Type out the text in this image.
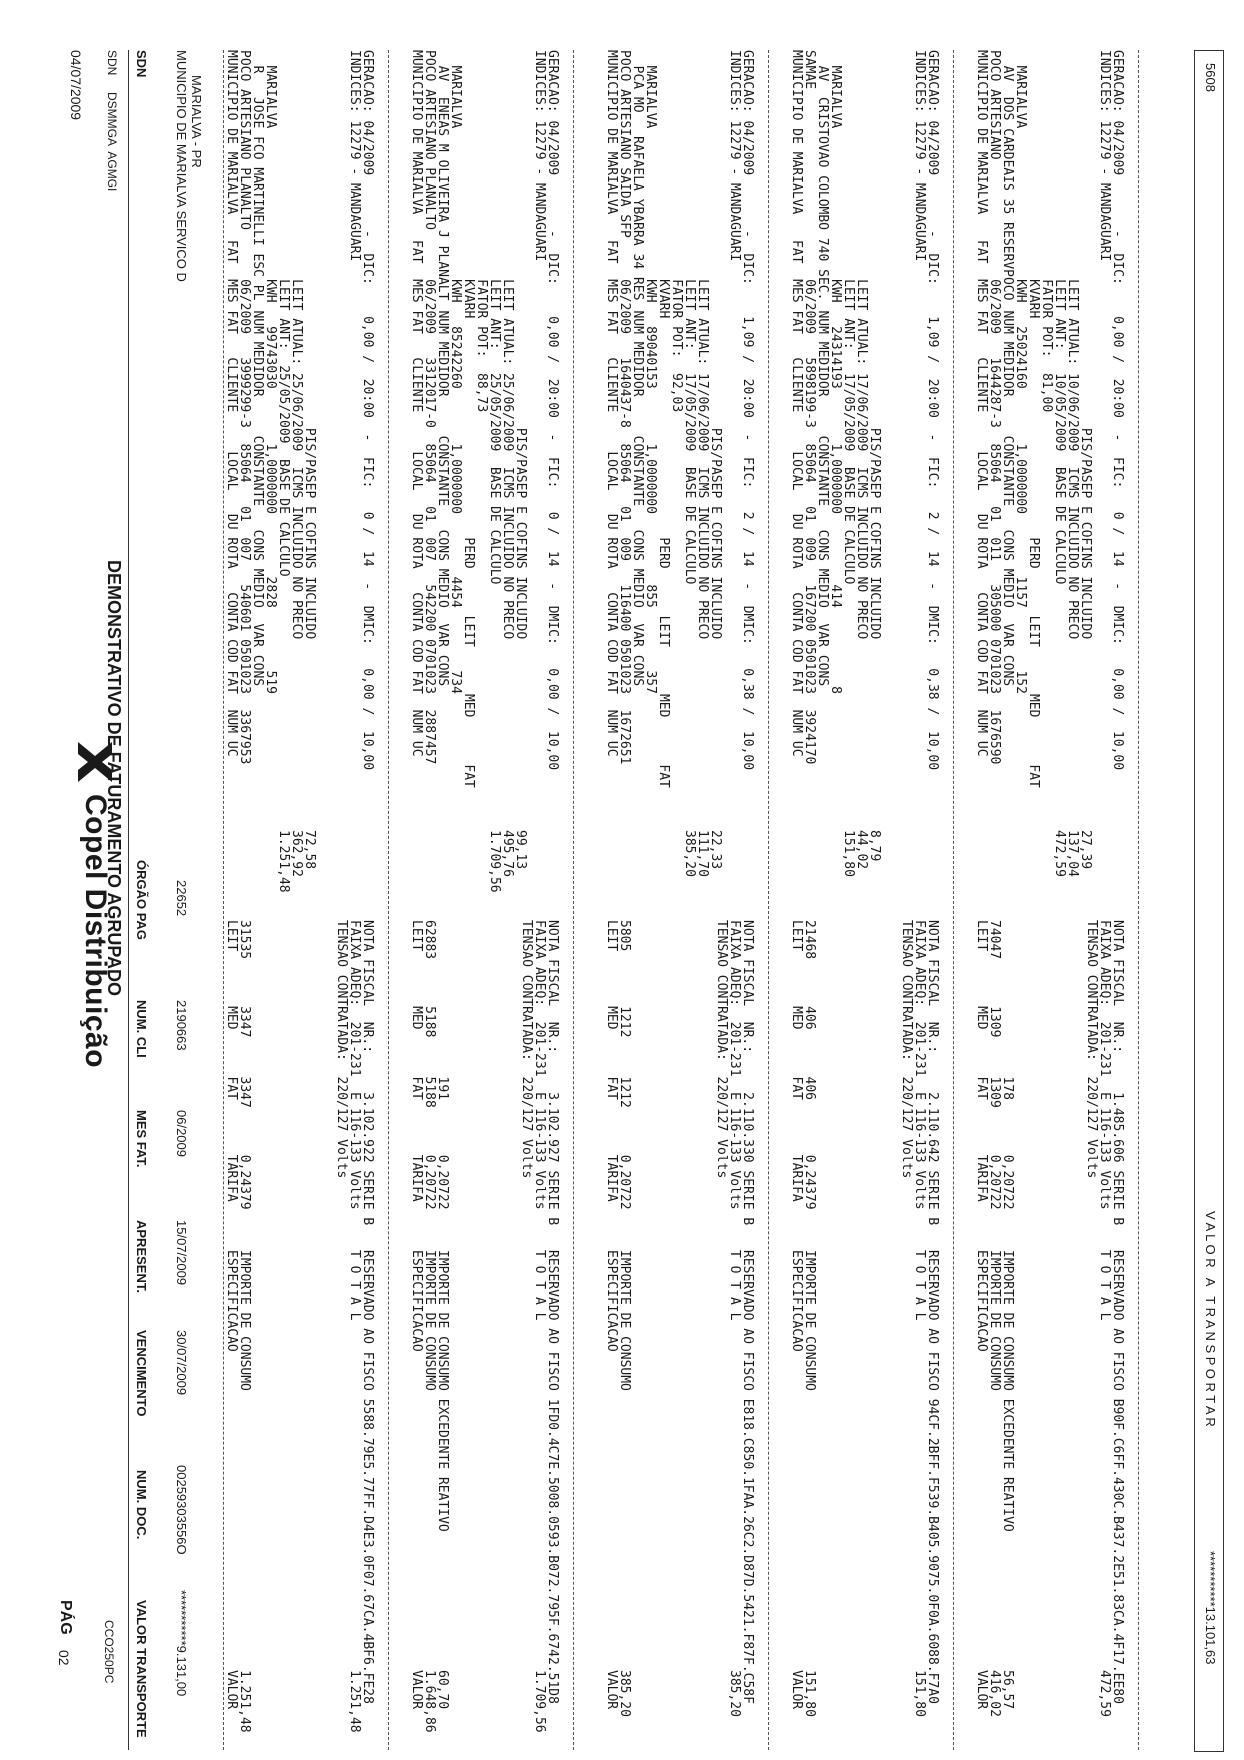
04/07/2009
Copel Distribuição
PÁG
02
SDN     DSMMGA  AGMGI
DEMONSTRATIVO DE FATURAMENTO AGRUPADO
CCO250PC
SDN
ÓRGÃO PAG
NUM. CLI
MES FAT.
APRESENT.
VENCIMENTO
NUM. DOC.
VALOR TRANSPORTE
MUNICIPIO DE MARIALVA SERVICO D MARIALVA - PR
22652
2190663
06/2009
15/07/2009
30/07/2009
00259303556O
***********9.131,00
MUNICIPIO DE MARIALVA
POCO ARTESIANO PLANALTO
R   JOSE FCO MARTINELLI ESC PL
MARIALVA
FAT  MES FAT   CLIENTE     LOCAL   DU ROTA   CONTA COD FAT  NUM UC
06/2009   3999299-3  85064   01  007   540601 0501023  3367953
NUM MEDIDOR     CONSTANTE   CONS MEDIO  VAR CONS
KWH   99743030       1,0000000        2828        519
LEIT ANT:  25/05/2009  BASE DE CALCULO
LEIT ATUAL: 25/06/2009  ICMS INCLUIDO NO PRECO
PIS/PASEP E COFINS INCLUIDO
1.251,48
362,92
72,58
LEIT       MED      FAT       TARIFA
31535      3347     3347      0,24379
ESPECIFICACAO
IMPORTE DE CONSUMO
VALOR
1.251,48
TENSAO CONTRATADA:  220/127 Volts
FAIXA ADEQ:  201-231  E 116-133 Volts
NOTA FISCAL  NR.:     3.102.922 SERIE B
INDICES: 12279 - MANDAGUARI
GERACAO: 04/2009       -  DIC:    0,00 /  20:00  -  FIC:   0 /  14  -  DMIC:   0,00 /  10,00
T O T A L
RESERVADO AO FISCO 5588.79E5.77FF.D4E3.0F07.67CA.4BF6.FE28
1.251,48
MUNICIPIO DE MARIALVA
POCO ARTESIANO PLANALTO
AV  ENEAS M OLIVEIRA J PLANALT
MARIALVA
FAT  MES FAT   CLIENTE     LOCAL   DU ROTA   CONTA COD FAT  NUM UC
06/2009   3312017-0  85064   01  007   542200 0701023  2887457
NUM MEDIDOR     CONSTANTE   CONS MEDIO  VAR CONS
KWH   85242260       1,0000000        4454        734
KVARH                            PERD      LEIT      MED      FAT
FATOR POT:  88,73
LEIT ANT:   25/05/2009  BASE DE CALCULO
LEIT ATUAL: 25/06/2009  ICMS INCLUIDO NO PRECO
PIS/PASEP E COFINS INCLUIDO
1.709,56
495,76
99,13
LEIT       MED      FAT       TARIFA
62883      5188     5188      0,20722
191       0,20722
ESPECIFICACAO
IMPORTE DE CONSUMO
IMPORTE DE CONSUMO EXCEDENTE REATIVO
VALOR
1.648,86
60,70
TENSAO CONTRATADA:  220/127 Volts
FAIXA ADEQ:  201-231  E 116-133 Volts
NOTA FISCAL  NR.:     3.102.927 SERIE B
INDICES: 12279 - MANDAGUARI
GERACAO: 04/2009       -  DIC:    0,00 /  20:00  -  FIC:   0 /  14  -  DMIC:   0,00 /  10,00
T O T A L
RESERVADO AO FISCO 1FD0.4C7E.5008.0593.B072.795F.6742.51D8
1.709,56
MUNICIPIO DE MARIALVA
POCO ARTESIANO SAIDA SFP
PCA MO   RAFAELA YBARRA 34 RES
MARIALVA
FAT  MES FAT   CLIENTE     LOCAL   DU ROTA   CONTA COD FAT  NUM UC
06/2009   1640437-8  85064   01  009   116400 0501023  1672651
NUM MEDIDOR     CONSTANTE   CONS MEDIO  VAR CONS
KWH   89040153       1,0000000         855        357
KVARH                            PERD      LEIT      MED      FAT
FATOR POT:  92,03
LEIT ANT:   17/05/2009  BASE DE CALCULO
LEIT ATUAL: 17/06/2009  ICMS INCLUIDO NO PRECO
PIS/PASEP E COFINS INCLUIDO
385,20
111,70
22,33
LEIT       MED      FAT       TARIFA
5805       1212     1212      0,20722
ESPECIFICACAO
IMPORTE DE CONSUMO
VALOR
385,20
TENSAO CONTRATADA:  220/127 Volts
FAIXA ADEQ:  201-231  E 116-133 Volts
NOTA FISCAL  NR.:     2.110.330 SERIE B
INDICES: 12279 - MANDAGUARI
GERACAO: 04/2009       -  DIC:    1,09 /  20:00  -  FIC:   2 /  14  -  DMIC:   0,38 /  10,00
T O T A L
RESERVADO AO FISCO E818.C850.1FAA.26C2.D87D.5421.F87F.C58F
385,20
MUNICIPIO DE MARIALVA
SAMAE
AV  CRISTOVAO COLOMBO 740 SEC.
MARIALVA
FAT  MES FAT   CLIENTE     LOCAL   DU ROTA   CONTA COD FAT  NUM UC
06/2009   5898199-3  85064   01  009   167200 0501023  3924170
NUM MEDIDOR     CONSTANTE   CONS MEDIO  VAR CONS
KWH   24314193       1,0000000         414          8
LEIT ANT:   17/05/2009  BASE DE CALCULO
LEIT ATUAL: 17/06/2009  ICMS INCLUIDO NO PRECO
PIS/PASEP E COFINS INCLUIDO
151,80
44,02
8,79
LEIT       MED      FAT       TARIFA
21468      406      406       0,24379
ESPECIFICACAO
IMPORTE DE CONSUMO
VALOR
151,80
TENSAO CONTRATADA:  220/127 Volts
FAIXA ADEQ:  201-231  E 116-133 Volts
NOTA FISCAL  NR.:     2.110.642 SERIE B
INDICES: 12279 - MANDAGUARI
GERACAO: 04/2009       -  DIC:    1,09 /  20:00  -  FIC:   2 /  14  -  DMIC:   0,38 /  10,00
T O T A L
RESERVADO AO FISCO 94CF.2BFF.F539.B405.9075.0F0A.6088.F7A0
151,80
MUNICIPIO DE MARIALVA
POCO ARTESIANO
AV  DOS CARDEAIS 35 RESERVPOCO
MARIALVA
FAT  MES FAT   CLIENTE     LOCAL   DU ROTA   CONTA COD FAT  NUM UC
06/2009   1644287-3  85064   01  011   305000 0701023  1676590
NUM MEDIDOR     CONSTANTE   CONS MEDIO  VAR CONS
KWH   25024160       1,0000000        1157        152
KVARH                            PERD      LEIT      MED      FAT
FATOR POT:  81,00
LEIT ANT:   10/05/2009  BASE DE CALCULO
LEIT ATUAL: 10/06/2009  ICMS INCLUIDO NO PRECO
PIS/PASEP E COFINS INCLUIDO
472,59
137,04
27,39
LEIT       MED      FAT       TARIFA
74047      1309     1309      0,20722
178       0,20722
ESPECIFICACAO
IMPORTE DE CONSUMO
IMPORTE DE CONSUMO EXCEDENTE REATIVO
VALOR
416,02
56,57
TENSAO CONTRATADA:  220/127 Volts
FAIXA ADEQ:  201-231  E 116-133 Volts
NOTA FISCAL  NR.:     1.485.606 SERIE B
INDICES: 12279 - MANDAGUARI
GERACAO: 04/2009       -  DIC:    0,00 /  20:00  -  FIC:   0 /  14  -  DMIC:   0,00 /  10,00
T O T A L
RESERVADO AO FISCO B90F.C6FF.430C.B437.2E51.83CA.4F17.EE80
472,59
5608
V A L O R   A   T R A N S P O R T A R
***********13.101,63
